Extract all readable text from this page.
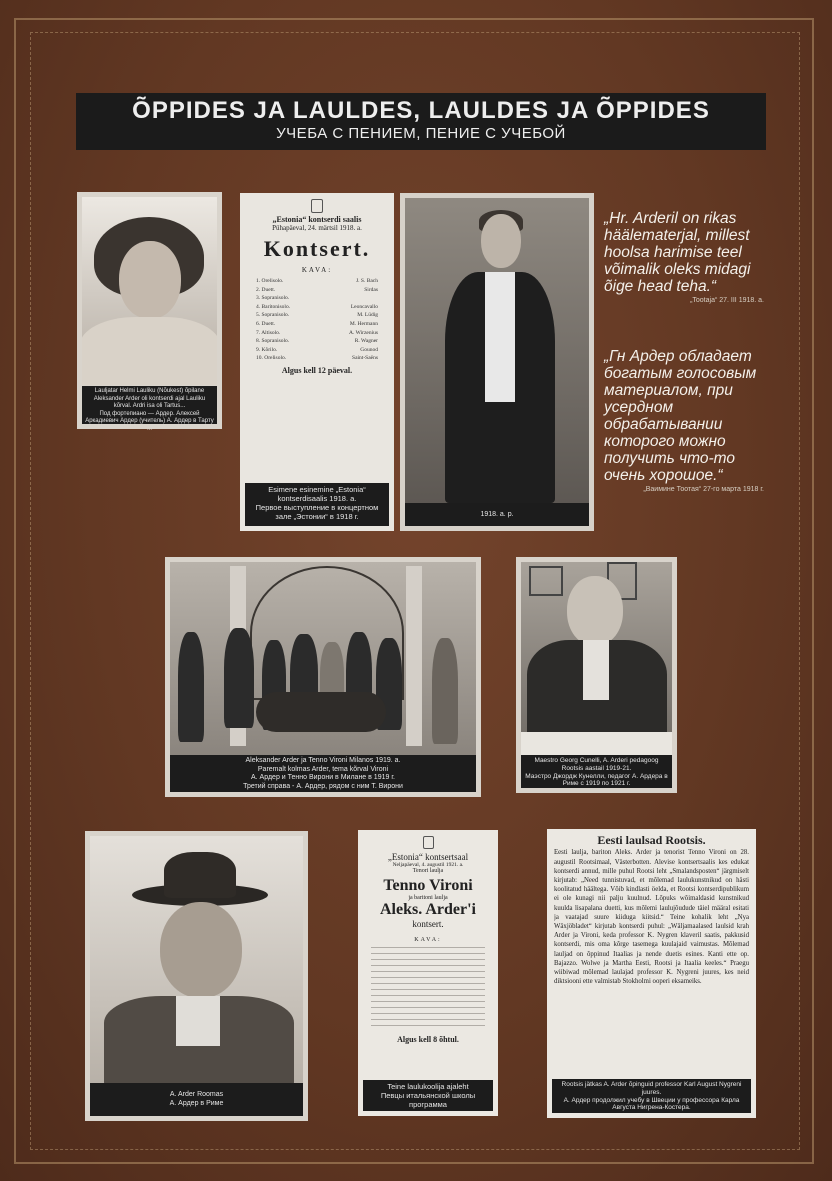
ÕPPIDES JA LAULDES, LAULDES JA ÕPPIDES
УЧЕБА С ПЕНИЕМ, ПЕНИЕ С УЧЕБОЙ
Lauljatar Helmi Lauliku (Nõukest) õpilane Aleksander Arder oli kontserdi ajal Lauliku kõrval. Ardri isa oli Tartus...
Под фортепиано — Ардер. Алексей Аркадиевич Ардер (учитель) А. Ардер в Тарту ...
„Estonia“ kontserdi saalis
Pühapäeval, 24. märtsil 1918. a.
Kontsert.
KAVA:
1. Orelisolo.	J. S. Bach
2. Duett.	Sirdas
3. Sopranisolo.
4. Baritonisolo.	Leoncavallo
5. Sopranisolo.	M. Lüdig
6. Duett.	M. Hermann
7. Altisolo.	A. Wirzenius
8. Sopranisolo.	R. Wagner
9. Kõrilo.	Gounod
10. Orelisolo.	Saint-Saëns
Algus kell 12 päeval.
Esimene esinemine „Estonia“ kontserdisaalis 1918. a.
Первое выступление в концертном зале „Эстонии“ в 1918 г.	1918. a. p.
„Hr. Arderil on rikas häälematerjal, millest hoolsa harimise teel võimalik oleks midagi õige head teha.“
„Tootaja“ 27. III 1918. a.
„Гн Ардер обладает богатым голосовым материалом, при усердном обрабатывании которого можно получить что-то очень хорошое.“
„Ваимине Тоотая“ 27-го марта 1918 г.
Aleksander Arder ja Tenno Vironi Milanos 1919. a.
Paremalt kolmas Arder, tema kõrval Vironi
А. Ардер и Тенно Вирони в Милане в 1919 г.
Третий справа - А. Ардер, рядом с ним Т. Вирони
Maestro Georg Cunelli, A. Arderi pedagoog Rootsis aastail 1919-21.
Маэстро Джордж Кунелли, педагог А. Ардера в Риме с 1919 по 1921 г.
A. Arder Roomas
А. Ардер в Риме
„Estonia“ kontsertsaal
Neljapäeval, 4. augustil 1921. a.
Tenori laulja
Tenno Vironi
ja baritoni laulja
Aleks. Arder'i
kontsert.
KAVA:
Algus kell 8 õhtul.
Teine laulukoolija ajaleht
Певцы итальянской школы программа
Eesti laulsad Rootsis.
Eesti laulja, bariton Aleks. Arder ja tenorist Tenno Vironi on 28. augustil Rootsimaal, Västerbotten. Alevise kontsertsaalis kes edukat kontserdi annud, mille puhul Rootsi leht „Smalandsposten“ järgmiselt kirjutab: „Need tunnistuvad, et mõlemad laulukunstnikud on hästi koolitatud häältega. Võib kindlasti öelda, et Rootsi kontserdipublikum ei ole kunagi nii palju kuulnud. Lõpuks wõimaldasid kunstnikud kuulda lisapalana duetti, kus mõlemi laulujõudude täiel määral esitati ja vaatajad suure kiiduga kiitsid.“ Teine kohalik leht „Nya Wäxjöbladet“ kirjutab kontserdi puhul: „Wäljamaalased laulsid krah Arder ja Vironi, keda professor K. Nygren klaveril saatis, pakkusid kontserdi, mis oma kõrge tasemega kuulajaid vaimustas. Mõlemad lauljad on õppinud Itaalias ja nende duetis esines. Kanti ette op. Bajazzo. Wolwe ja Martha Eesti, Rootsi ja Itaalia keeles.“ Praegu wiibiwad mõlemad laulajad professor K. Nygreni juures, kes neid diktsiooni ette valmistab Stokholmi ooperi eksameiks.
Rootsis jätkas A. Arder õpinguid professor Karl August Nygreni juures.
А. Ардер продолжил учебу в Швеции у профессора Карла Августа Нигрена-Костера.
